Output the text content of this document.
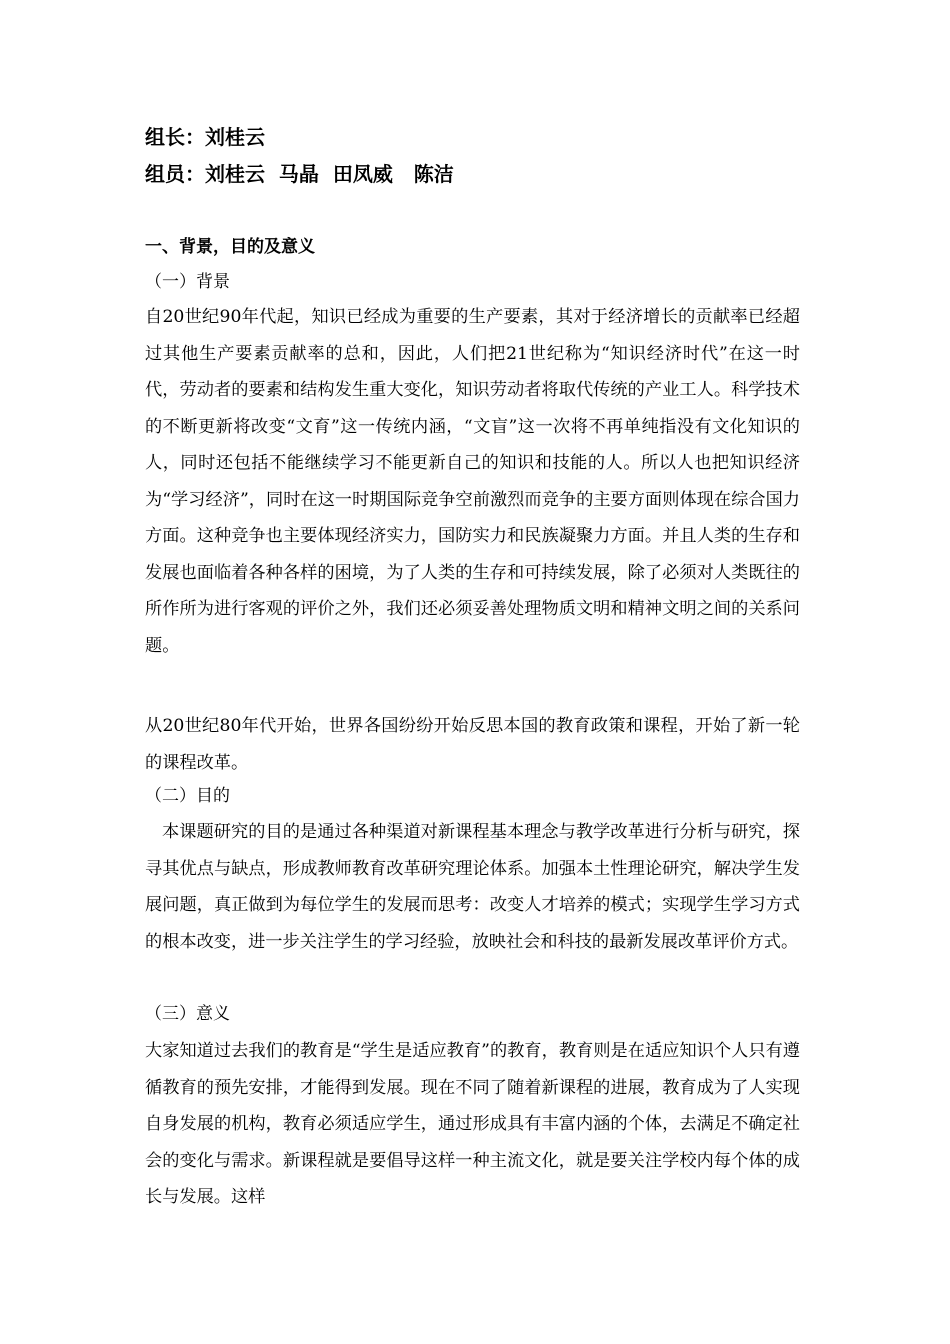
组长：刘桂云
组员：刘桂云  马晶  田凤威   陈洁
一、背景，目的及意义
（一）背景
自20世纪90年代起，知识已经成为重要的生产要素，其对于经济增长的贡献率已经超过其他生产要素贡献率的总和，因此，人们把21世纪称为“知识经济时代”在这一时代，劳动者的要素和结构发生重大变化，知识劳动者将取代传统的产业工人。科学技术的不断更新将改变“文育”这一传统内涵，“文盲”这一次将不再单纯指没有文化知识的人，同时还包括不能继续学习不能更新自己的知识和技能的人。所以人也把知识经济为“学习经济”，同时在这一时期国际竞争空前激烈而竞争的主要方面则体现在综合国力方面。这种竞争也主要体现经济实力，国防实力和民族凝聚力方面。并且人类的生存和发展也面临着各种各样的困境，为了人类的生存和可持续发展，除了必须对人类既往的所作所为进行客观的评价之外，我们还必须妥善处理物质文明和精神文明之间的关系问题。
从20世纪80年代开始，世界各国纷纷开始反思本国的教育政策和课程，开始了新一轮的课程改革。
（二）目的
本课题研究的目的是通过各种渠道对新课程基本理念与教学改革进行分析与研究，探寻其优点与缺点，形成教师教育改革研究理论体系。加强本土性理论研究，解决学生发展问题，真正做到为每位学生的发展而思考：改变人才培养的模式；实现学生学习方式的根本改变，进一步关注学生的学习经验，放映社会和科技的最新发展改革评价方式。
（三）意义
大家知道过去我们的教育是“学生是适应教育”的教育，教育则是在适应知识个人只有遵循教育的预先安排，才能得到发展。现在不同了随着新课程的进展，教育成为了人实现自身发展的机构，教育必须适应学生，通过形成具有丰富内涵的个体，去满足不确定社会的变化与需求。新课程就是要倡导这样一种主流文化，就是要关注学校内每个体的成长与发展。这样
